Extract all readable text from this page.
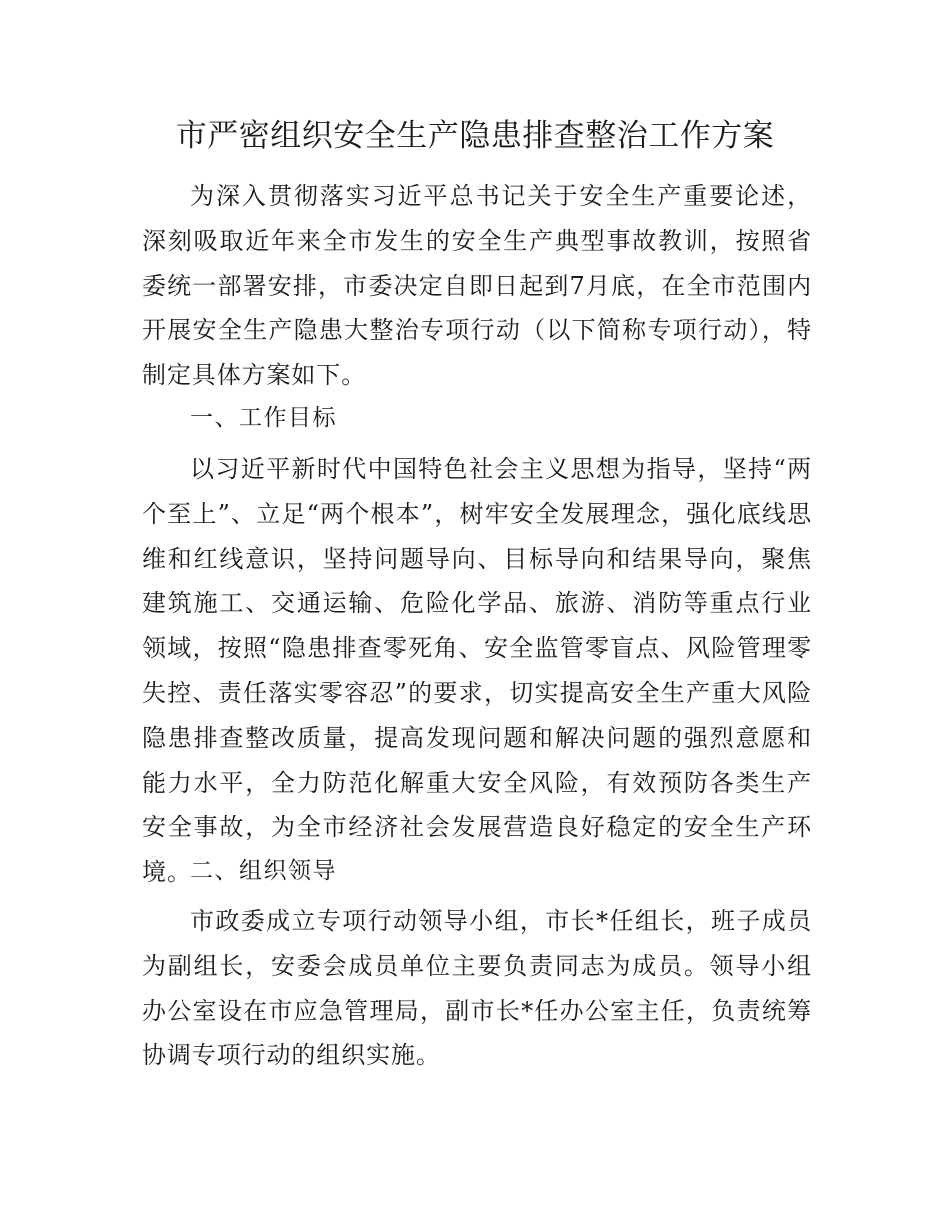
市严密组织安全生产隐患排查整治工作方案

为深入贯彻落实习近平总书记关于安全生产重要论述，深刻吸取近年来全市发生的安全生产典型事故教训，按照省委统一部署安排，市委决定自即日起到7月底，在全市范围内开展安全生产隐患大整治专项行动（以下简称专项行动），特制定具体方案如下。

一、工作目标

以习近平新时代中国特色社会主义思想为指导，坚持“两个至上”、立足“两个根本”，树牢安全发展理念，强化底线思维和红线意识，坚持问题导向、目标导向和结果导向，聚焦建筑施工、交通运输、危险化学品、旅游、消防等重点行业领域，按照“隐患排查零死角、安全监管零盲点、风险管理零失控、责任落实零容忍”的要求，切实提高安全生产重大风险隐患排查整改质量，提高发现问题和解决问题的强烈意愿和能力水平，全力防范化解重大安全风险，有效预防各类生产安全事故，为全市经济社会发展营造良好稳定的安全生产环境。

二、组织领导

市政委成立专项行动领导小组，市长*任组长，班子成员为副组长，安委会成员单位主要负责同志为成员。领导小组办公室设在市应急管理局，副市长*任办公室主任，负责统筹协调专项行动的组织实施。
